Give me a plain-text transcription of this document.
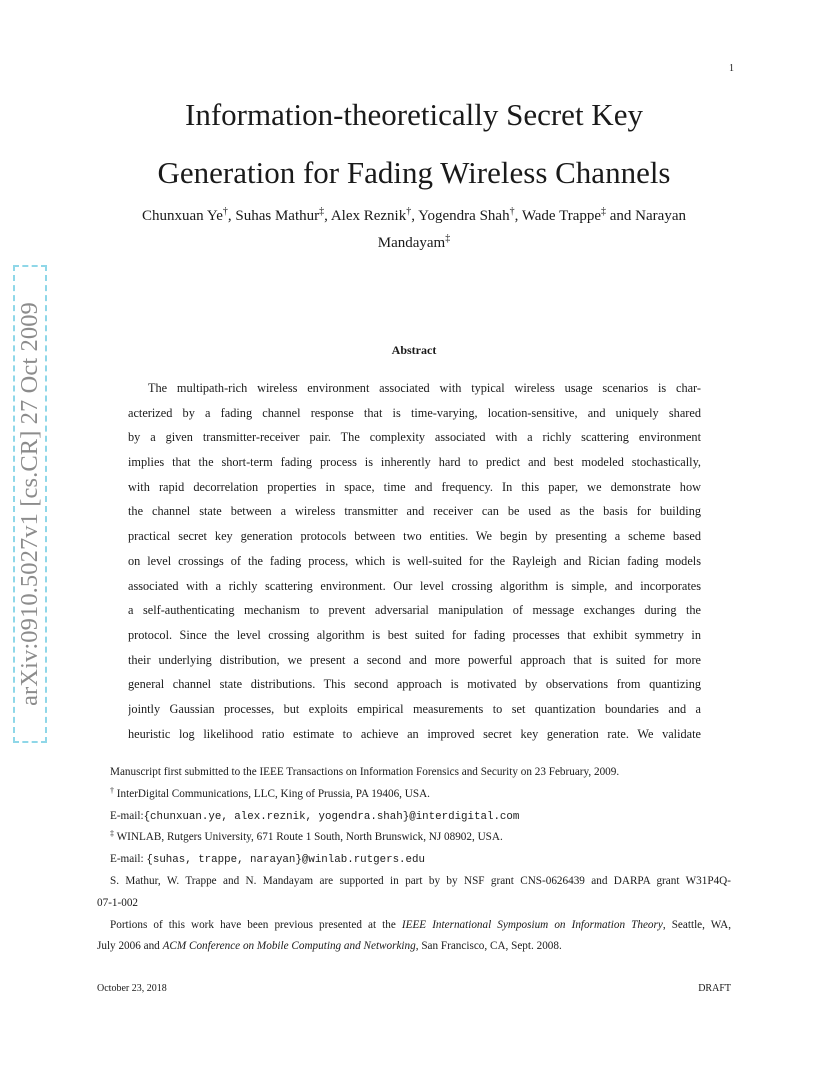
1
arXiv:0910.5027v1 [cs.CR] 27 Oct 2009
Information-theoretically Secret Key
Generation for Fading Wireless Channels
Chunxuan Ye†, Suhas Mathur‡, Alex Reznik†, Yogendra Shah†, Wade Trappe‡ and Narayan
Mandayam‡
Abstract
The multipath-rich wireless environment associated with typical wireless usage scenarios is char-
acterized by a fading channel response that is time-varying, location-sensitive, and uniquely shared
by a given transmitter-receiver pair. The complexity associated with a richly scattering environment
implies that the short-term fading process is inherently hard to predict and best modeled stochastically,
with rapid decorrelation properties in space, time and frequency. In this paper, we demonstrate how
the channel state between a wireless transmitter and receiver can be used as the basis for building
practical secret key generation protocols between two entities. We begin by presenting a scheme based
on level crossings of the fading process, which is well-suited for the Rayleigh and Rician fading models
associated with a richly scattering environment. Our level crossing algorithm is simple, and incorporates
a self-authenticating mechanism to prevent adversarial manipulation of message exchanges during the
protocol. Since the level crossing algorithm is best suited for fading processes that exhibit symmetry in
their underlying distribution, we present a second and more powerful approach that is suited for more
general channel state distributions. This second approach is motivated by observations from quantizing
jointly Gaussian processes, but exploits empirical measurements to set quantization boundaries and a
heuristic log likelihood ratio estimate to achieve an improved secret key generation rate. We validate
Manuscript first submitted to the IEEE Transactions on Information Forensics and Security on 23 February, 2009.
† InterDigital Communications, LLC, King of Prussia, PA 19406, USA.
E-mail:{chunxuan.ye, alex.reznik, yogendra.shah}@interdigital.com
‡ WINLAB, Rutgers University, 671 Route 1 South, North Brunswick, NJ 08902, USA.
E-mail: {suhas, trappe, narayan}@winlab.rutgers.edu
S. Mathur, W. Trappe and N. Mandayam are supported in part by by NSF grant CNS-0626439 and DARPA grant W31P4Q-
07-1-002
Portions of this work have been previous presented at the IEEE International Symposium on Information Theory, Seattle, WA,
July 2006 and ACM Conference on Mobile Computing and Networking, San Francisco, CA, Sept. 2008.
October 23, 2018	DRAFT
